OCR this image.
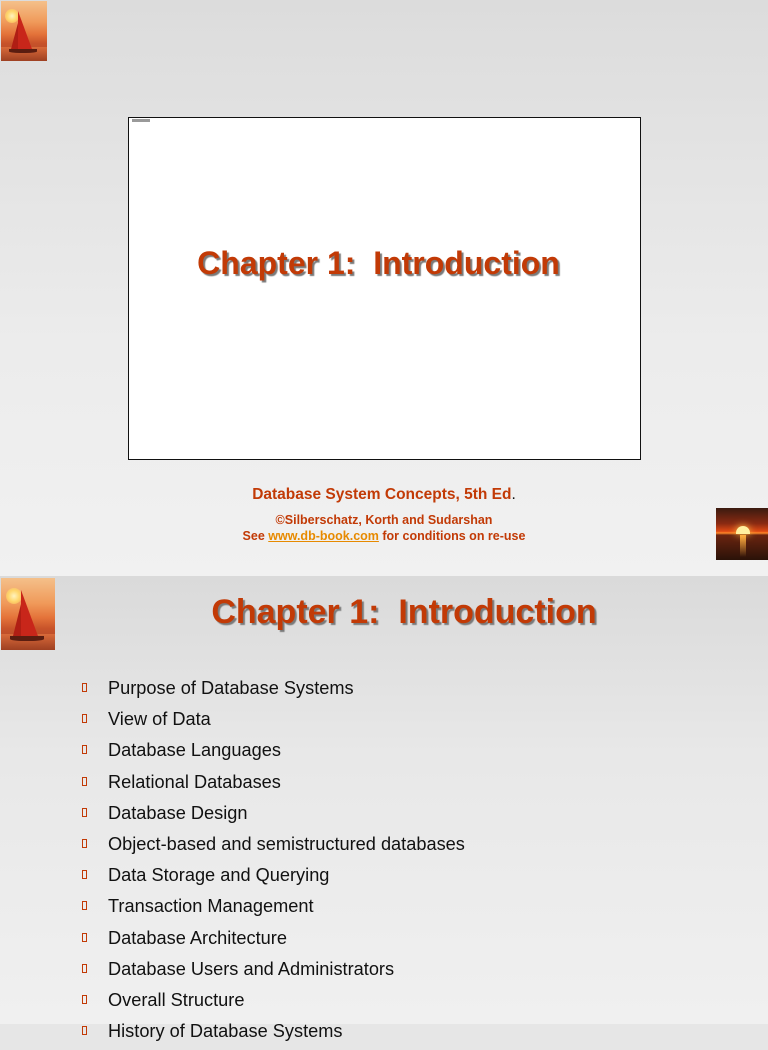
Chapter 1:  Introduction
Database System Concepts, 5th Ed.
©Silberschatz, Korth and Sudarshan
See www.db-book.com for conditions on re-use
Chapter 1:  Introduction
Purpose of Database Systems
View of Data
Database Languages
Relational Databases
Database Design
Object-based and semistructured databases
Data Storage and Querying
Transaction Management
Database Architecture
Database Users and Administrators
Overall Structure
History of Database Systems
